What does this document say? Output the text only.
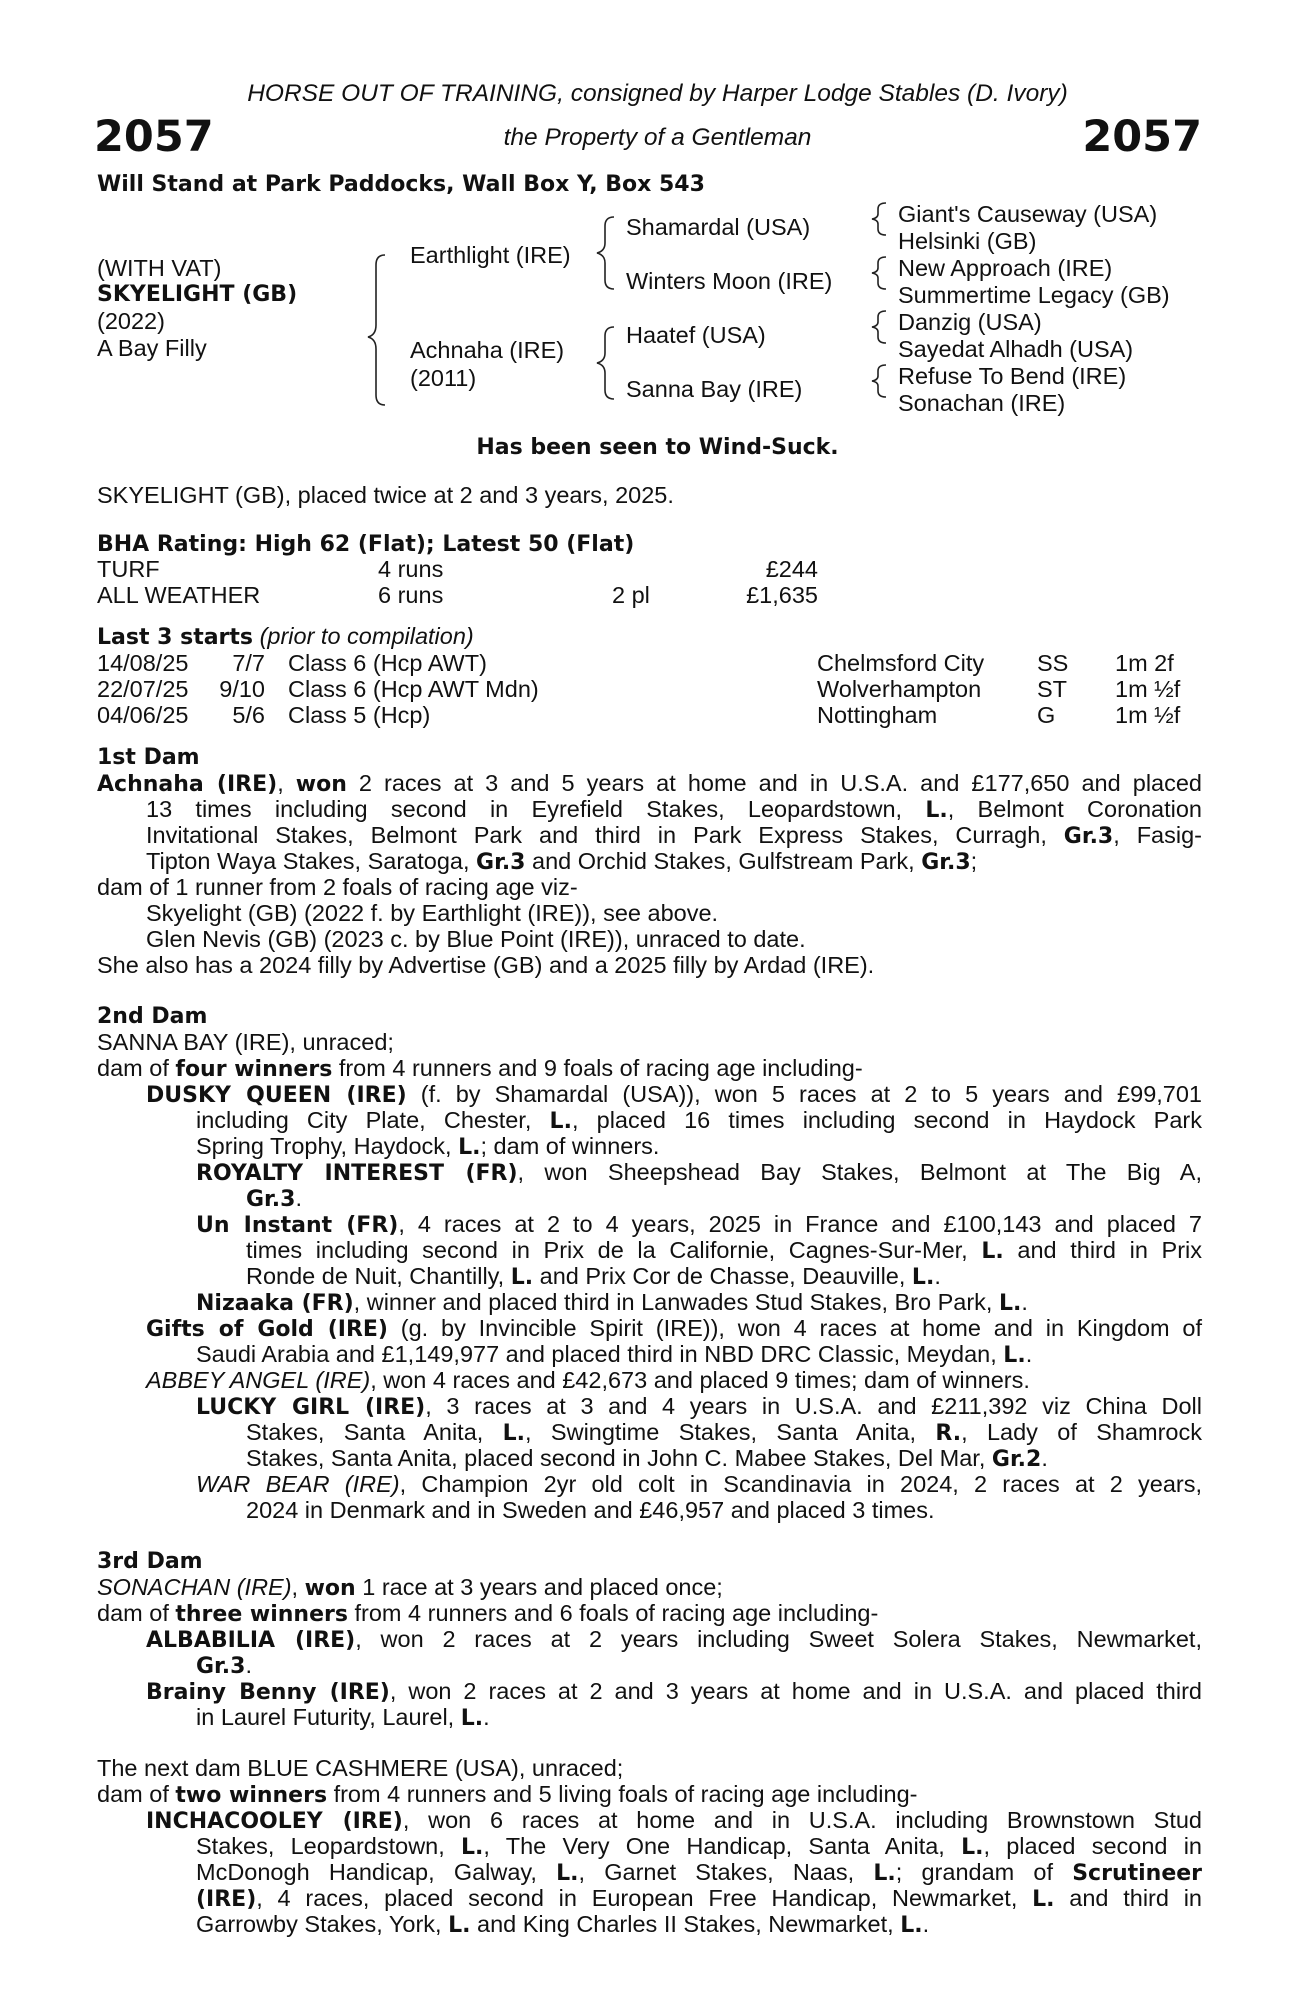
HORSE OUT OF TRAINING, consigned by Harper Lodge Stables (D. Ivory)
2057	the Property of a Gentleman	2057
Will Stand at Park Paddocks, Wall Box Y, Box 543
(WITH VAT)
SKYELIGHT (GB)
(2022)
A Bay Filly
Earthlight (IRE)
Achnaha (IRE)
(2011)
Shamardal (USA)
Winters Moon (IRE)
Haatef (USA)
Sanna Bay (IRE)
Giant's Causeway (USA)
Helsinki (GB)
New Approach (IRE)
Summertime Legacy (GB)
Danzig (USA)
Sayedat Alhadh (USA)
Refuse To Bend (IRE)
Sonachan (IRE)
Has been seen to Wind-Suck.
SKYELIGHT (GB), placed twice at 2 and 3 years, 2025.
BHA Rating: High 62 (Flat); Latest 50 (Flat)
TURF	4 runs	£244
ALL WEATHER	6 runs	2 pl	£1,635
Last 3 starts (prior to compilation)
14/08/25 7/7 Class 6 (Hcp AWT)	Chelmsford City SS 1m 2f
22/07/25 9/10 Class 6 (Hcp AWT Mdn)	Wolverhampton ST 1m ½f
04/06/25 5/6 Class 5 (Hcp)	Nottingham	G	1m ½f
1st Dam
Achnaha (IRE), won 2 races at 3 and 5 years at home and in U.S.A. and £177,650 and placed
13 times including second in Eyrefield Stakes, Leopardstown, L., Belmont Coronation
Invitational Stakes, Belmont Park and third in Park Express Stakes, Curragh, Gr.3, Fasig-
Tipton Waya Stakes, Saratoga, Gr.3 and Orchid Stakes, Gulfstream Park, Gr.3;
dam of 1 runner from 2 foals of racing age viz-
Skyelight (GB) (2022 f. by Earthlight (IRE)), see above.
Glen Nevis (GB) (2023 c. by Blue Point (IRE)), unraced to date.
She also has a 2024 filly by Advertise (GB) and a 2025 filly by Ardad (IRE).
2nd Dam
SANNA BAY (IRE), unraced;
dam of four winners from 4 runners and 9 foals of racing age including-
DUSKY QUEEN (IRE) (f. by Shamardal (USA)), won 5 races at 2 to 5 years and £99,701
including City Plate, Chester, L., placed 16 times including second in Haydock Park
Spring Trophy, Haydock, L.; dam of winners.
ROYALTY INTEREST (FR), won Sheepshead Bay Stakes, Belmont at The Big A,
Gr.3.
Un Instant (FR), 4 races at 2 to 4 years, 2025 in France and £100,143 and placed 7
times including second in Prix de la Californie, Cagnes-Sur-Mer, L. and third in Prix
Ronde de Nuit, Chantilly, L. and Prix Cor de Chasse, Deauville, L..
Nizaaka (FR), winner and placed third in Lanwades Stud Stakes, Bro Park, L..
Gifts of Gold (IRE) (g. by Invincible Spirit (IRE)), won 4 races at home and in Kingdom of
Saudi Arabia and £1,149,977 and placed third in NBD DRC Classic, Meydan, L..
ABBEY ANGEL (IRE), won 4 races and £42,673 and placed 9 times; dam of winners.
LUCKY GIRL (IRE), 3 races at 3 and 4 years in U.S.A. and £211,392 viz China Doll
Stakes, Santa Anita, L., Swingtime Stakes, Santa Anita, R., Lady of Shamrock
Stakes, Santa Anita, placed second in John C. Mabee Stakes, Del Mar, Gr.2.
WAR BEAR (IRE), Champion 2yr old colt in Scandinavia in 2024, 2 races at 2 years,
2024 in Denmark and in Sweden and £46,957 and placed 3 times.
3rd Dam
SONACHAN (IRE), won 1 race at 3 years and placed once;
dam of three winners from 4 runners and 6 foals of racing age including-
ALBABILIA (IRE), won 2 races at 2 years including Sweet Solera Stakes, Newmarket,
Gr.3.
Brainy Benny (IRE), won 2 races at 2 and 3 years at home and in U.S.A. and placed third
in Laurel Futurity, Laurel, L..
The next dam BLUE CASHMERE (USA), unraced;
dam of two winners from 4 runners and 5 living foals of racing age including-
INCHACOOLEY (IRE), won 6 races at home and in U.S.A. including Brownstown Stud
Stakes, Leopardstown, L., The Very One Handicap, Santa Anita, L., placed second in
McDonogh Handicap, Galway, L., Garnet Stakes, Naas, L.; grandam of Scrutineer
(IRE), 4 races, placed second in European Free Handicap, Newmarket, L. and third in
Garrowby Stakes, York, L. and King Charles II Stakes, Newmarket, L..
